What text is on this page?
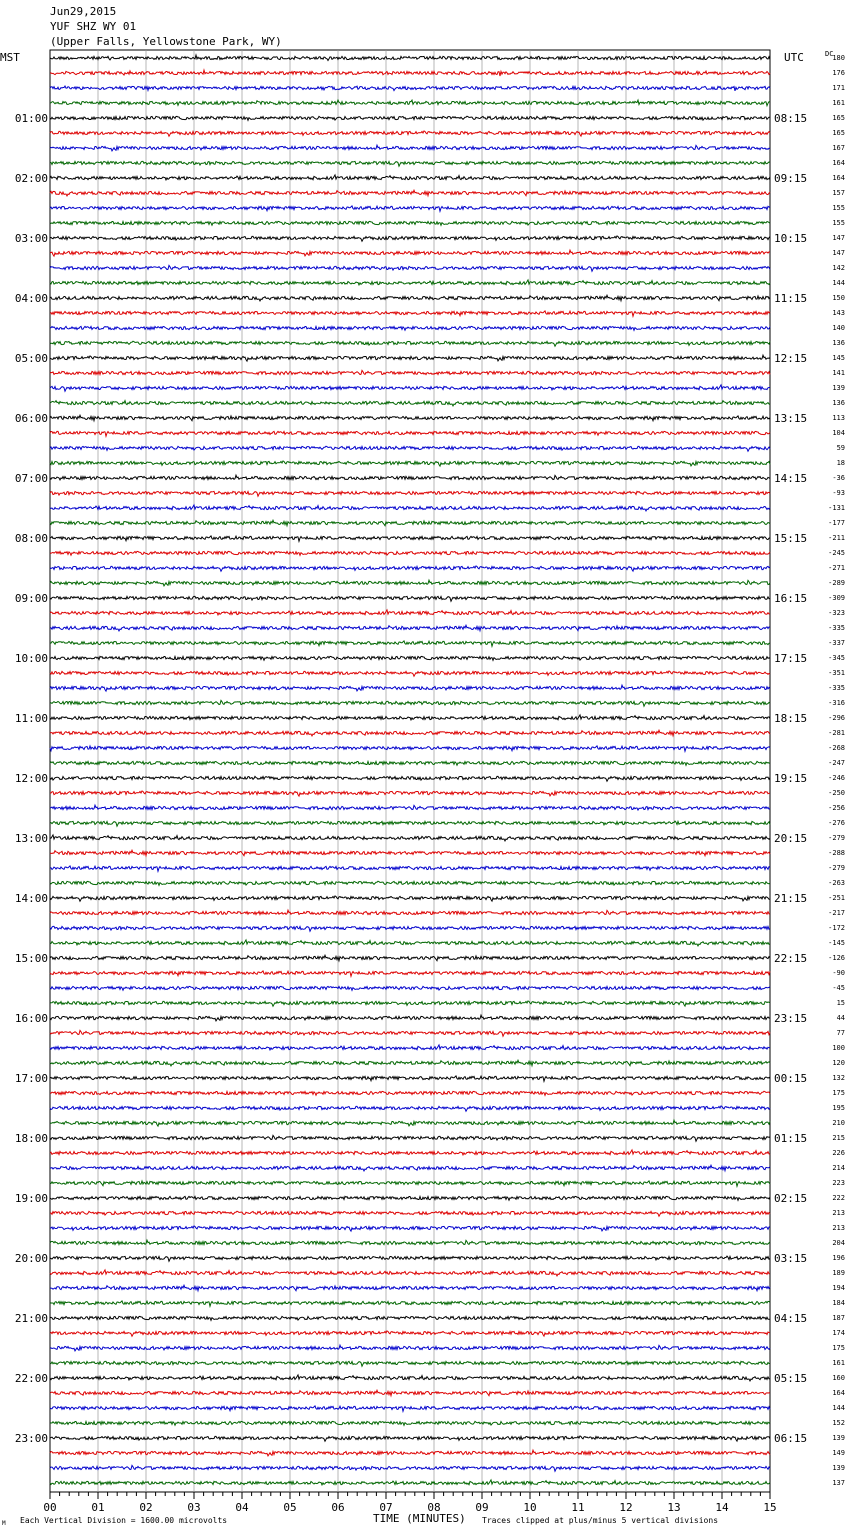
Jun29,2015
YUF SHZ WY 01
(Upper Falls, Yellowstone Park, WY)
00	01	02	03	04	05	06	07	08	09	10	11	12	13	14	15
180
176
171
161
165
165
167
164
164
157
155
155
147
147
142
144
150
143
140
136
145
141
139
136
113
104
59
18
-36
-93
-131
-177
-211
-245
-271
-289
-309
-323
-335
-337
-345
-351
-335
-316
-296
-281
-268
-247
-246
-250
-256
-276
-279
-288
-279
-263
-251
-217
-172
-145
-126
-90
-45
15
44
77
100
120
132
175
195
210
215
226
214
223
222
213
213
204
196
189
194
184
187
174
175
161
160
164
144
152
139
149
139
137
01:00
02:00
03:00
04:00
05:00
06:00
07:00
08:00
09:00
10:00
11:00
12:00
13:00
14:00
15:00
16:00
17:00
18:00
19:00
20:00
21:00
22:00
23:00
08:15
09:15
10:15
11:15
12:15
13:15
14:15
15:15
16:15
17:15
18:15
19:15
20:15
21:15
22:15
23:15
00:15
01:15
02:15
03:15
04:15
05:15
06:15
MST	UTC	DC
TIME (MINUTES)
Each Vertical Division = 1600.00 microvolts	Traces clipped at plus/minus 5 vertical divisions
M
